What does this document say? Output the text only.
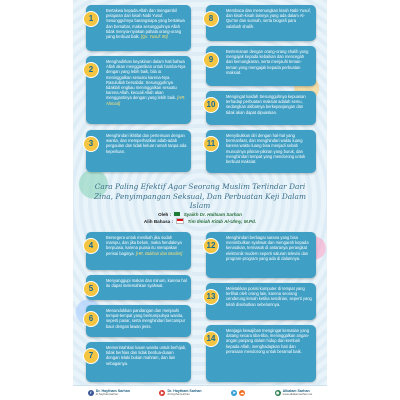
1
Bertakwa kepada Allah dan mengambil pelajaran dari kisah Nabi Yusuf. Sesungguhnya barangsiapa yang bertakwa dan bersabar, maka sesungguhnya Allah tidak menyia-nyiakan pahala orang-orang yang berbuat baik. [Qs. Yusuf: 90]
2
Menghadirkan keyakinan dalam hati bahwa Allah akan menggantikan untuk hamba-Nya dengan yang lebih baik, bila ia meninggalkan sesuatu karena-Nya. Rasulullah bersabda: Sesungguhnya tidaklah engkau meninggalkan sesuatu karena Allah, kecuali Allah akan menggantinya dengan yang lebih baik. [HR. Ahmad]
3
Menghindari ikhtilat dan pertemuan dengan wanita, dan memperhatikan adab-adab pergaulan dan tidak keluar rumah tanpa ada keperluan.
8
Membaca dan merenungkan kisah Nabi Yusuf, dan kisah-kisah lainnya yang ada dalam Al-Qur'an dan sunnah, serta biografi para salafush shalih.
9
Bertemanan dengan orang-orang shalih yang mengajak kepada kebaikan dan mencegah dari kemungkaran, serta menjauhi teman-teman yang mengajak kepada perbuatan maksiat.
10
Mengingat kaidah Sesungguhnya kepuasan terhadap perbuatan maksiat adalah semu, sedangkan akibatnya berkepanjangan dan tidak akan dapat dipuaskan.
11
Menyibukkan diri dengan hal-hal yang bermanfaat, dan menghindari waktu luang karena waktu luang bisa menjadi sebab munculnya pikiran-pikiran yang buruk, dan menghindari tempat yang mendorong untuk berbuat maksiat.
Cara Paling Efektif Agar Seorang Muslim Terlindar Dari Zina, Penyimpangan Seksual, Dan Perbuatan Keji Dalam Islam
Oleh :	Syaikh Dr. Haitsam Sarhan
Alih Bahasa :	Tim Ilmiah Kitab Al-Ulmy, M.Pd.
4
Bersegera untuk menikah jika sudah mampu, dan jika belum, maka hendaknya berpuasa, karena puasa itu merupakan perisai baginya. [HR. Bukhari dan Muslim]
5
Menyanggupi makan dan minum, karena hal itu dapat melemahkan syahwat.
6
Menundukkan pandangan dan menjauhi tempat-tempat yang berkumpulnya wanita, seperti pasar, serta menghindari bercampur baur dengan lawan jenis.
7
Memerintahkan kaum wanita untuk berhijab, tidak berhias dan tidak berdua-duaan dengan lelaki bukan mahram, dan lain sebagainya.
12
Menghindari berbagai sarana yang bisa menimbulkan syahwat dan mengarah kepada kerusakan, termasuk di antaranya perangkat elektronik modern seperti saluran televisi dan program-program yang ada di dalamnya.
13
Meletakkan posisi komputer di tempat yang terlihat oleh orang lain, karena seorang cenderung lemah ketika sendirian, seperti yang telah disebutkan sebelumnya.
14
Menjaga kewajiban mengingat kematian yang datang secara tiba-tiba, meninggalkan angan-angan panjang dalam hidup dan kembali kepada Allah, menghadapkan hati dan perasaan mendorong untuk beramal baik.
f	Dr. Haytham Sarhan
dr.haythamsarhan	▶ Dr. Haytham Sarhan
dr.haythamsarhan	➤	☁	◉ Alkalam Sarhan
www.alkalamsarhan.net
